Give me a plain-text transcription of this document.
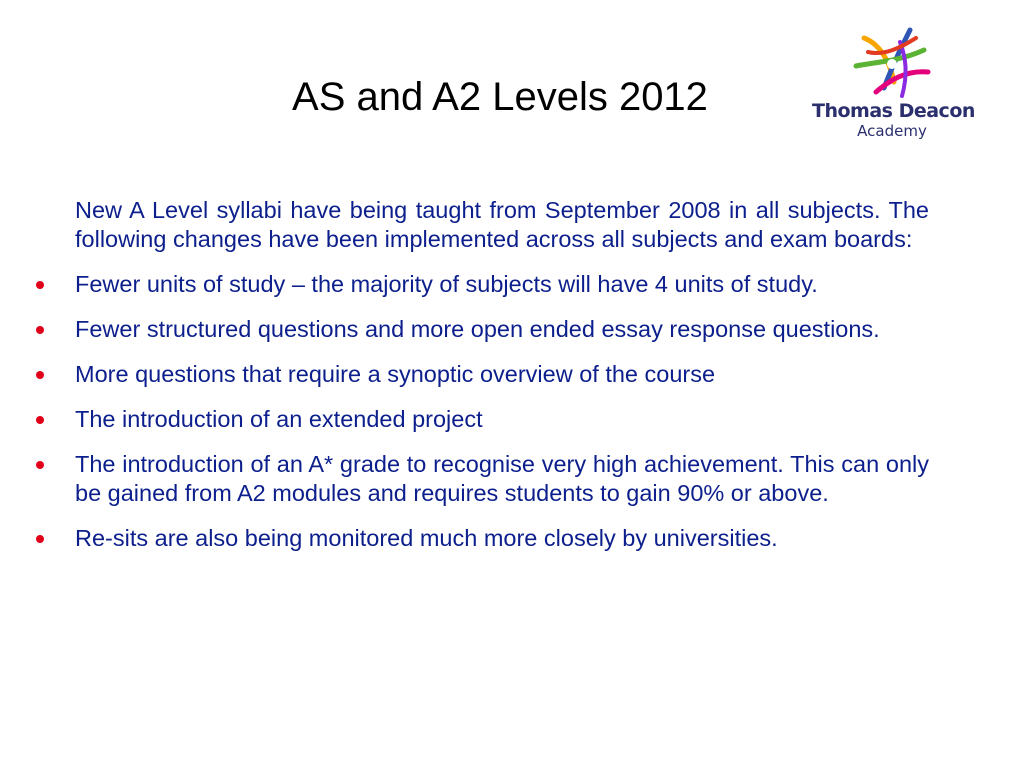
AS and A2 Levels 2012	Thomas Deacon
Academy

New A Level syllabi have being taught from September 2008 in all subjects. The following changes have been implemented across all subjects and exam boards:

Fewer units of study – the majority of subjects will have 4 units of study.
Fewer structured questions and more open ended essay response questions.
More questions that require a synoptic overview of the course
The introduction of an extended project
The introduction of an A* grade to recognise very high achievement. This can only be gained from A2 modules and requires students to gain 90% or above.
Re-sits are also being monitored much more closely by universities.
